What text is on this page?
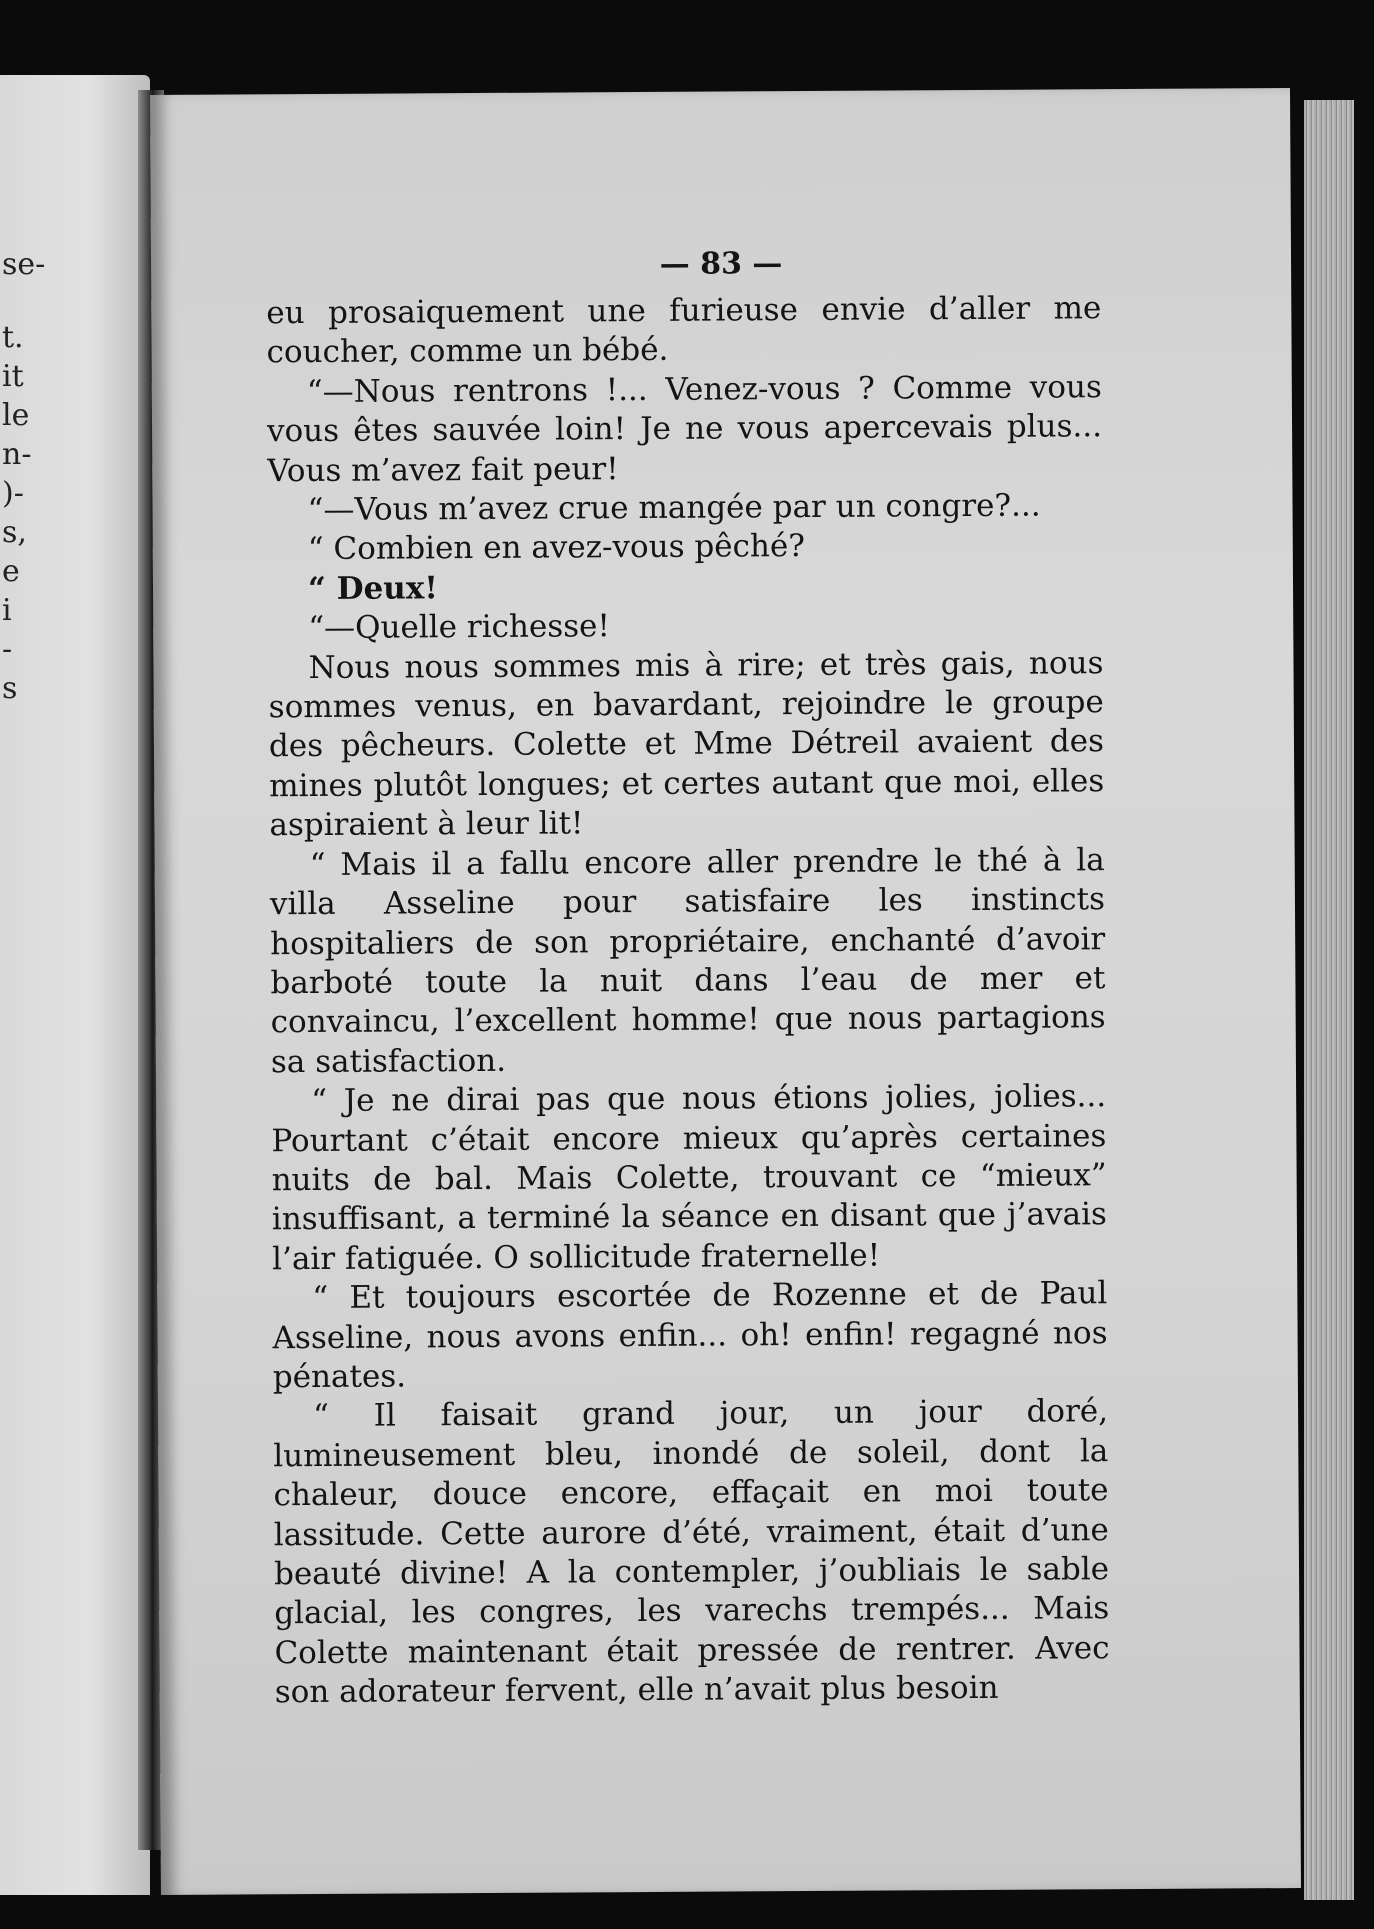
se-
t.
it
le
n-
)-
s,
e
i
-
s
— 83 —

eu prosaiquement une furieuse envie d’aller me coucher, comme un bébé.

“—Nous rentrons !... Venez-vous ? Comme vous vous êtes sauvée loin! Je ne vous apercevais plus... Vous m’avez fait peur!

“—Vous m’avez crue mangée par un congre?...

“ Combien en avez-vous pêché?

“ Deux!

“—Quelle richesse!

Nous nous sommes mis à rire; et très gais, nous sommes venus, en bavardant, rejoindre le groupe des pêcheurs. Colette et Mme Détreil avaient des mines plutôt longues; et certes autant que moi, elles aspiraient à leur lit!

“ Mais il a fallu encore aller prendre le thé à la villa Asseline pour satisfaire les instincts hospitaliers de son propriétaire, enchanté d’avoir barboté toute la nuit dans l’eau de mer et convaincu, l’excellent homme! que nous partagions sa satisfaction.

“ Je ne dirai pas que nous étions jolies, jolies... Pourtant c’était encore mieux qu’après certaines nuits de bal. Mais Colette, trouvant ce “mieux” insuffisant, a terminé la séance en disant que j’avais l’air fatiguée. O sollicitude fraternelle!

“ Et toujours escortée de Rozenne et de Paul Asseline, nous avons enfin... oh! enfin! regagné nos pénates.

“ Il faisait grand jour, un jour doré, lumineusement bleu, inondé de soleil, dont la chaleur, douce encore, effaçait en moi toute lassitude. Cette aurore d’été, vraiment, était d’une beauté divine! A la contempler, j’oubliais le sable glacial, les congres, les varechs trempés... Mais Colette maintenant était pressée de rentrer. Avec son adorateur fervent, elle n’avait plus besoin
